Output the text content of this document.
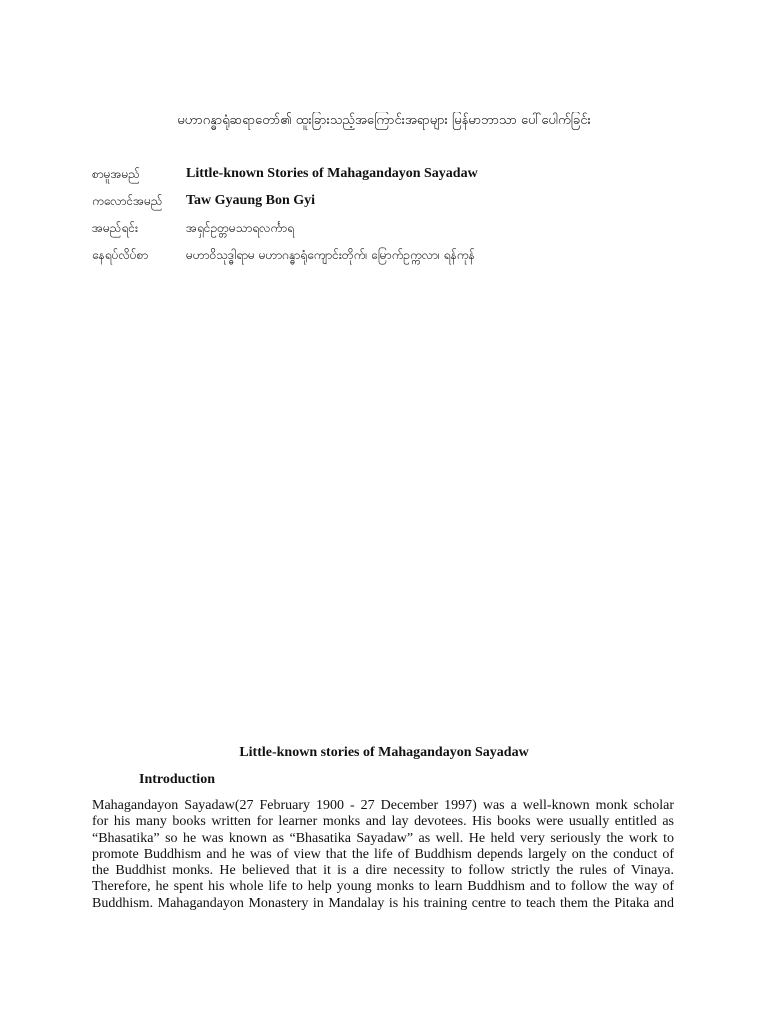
မဟာဂန္ဓာရုံဆရာတော်၏ ထူးခြားသည့်အကြောင်းအရာများ မြန်မာဘာသာ ပေါ်ပေါက်ခြင်း
စာမူအမည်	Little-known Stories of Mahagandayon Sayadaw
ကလောင်အမည်	Taw Gyaung Bon Gyi
အမည်ရင်း	အရှင်ဥတ္တမသာရလင်္ကာရ
နေရပ်လိပ်စာ	မဟာဝိသုဒ္ဓါရာမ မဟာဂန္ဓာရုံကျောင်းတိုက်၊ မြောက်ဥက္ကလာ၊ ရန်ကုန်
Little-known stories of Mahagandayon Sayadaw
Introduction
Mahagandayon Sayadaw(27 February 1900 - 27 December 1997) was a well-known monk scholar
for his many books written for learner monks and lay devotees. His books were usually entitled as
“Bhasatika” so he was known as “Bhasatika Sayadaw” as well. He held very seriously the work to
promote Buddhism and he was of view that the life of Buddhism depends largely on the conduct of
the Buddhist monks. He believed that it is a dire necessity to follow strictly the rules of Vinaya.
Therefore, he spent his whole life to help young monks to learn Buddhism and to follow the way of
Buddhism. Mahagandayon Monastery in Mandalay is his training centre to teach them the Pitaka and
